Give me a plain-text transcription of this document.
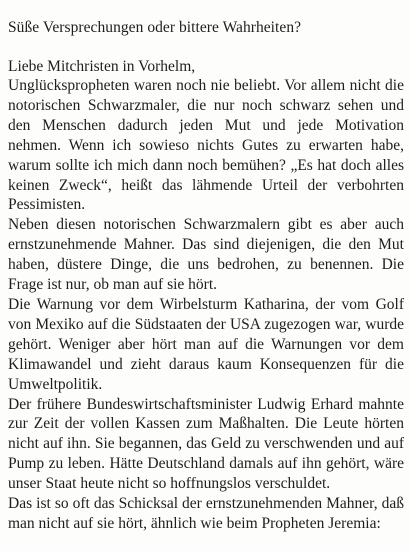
Süße Versprechungen oder bittere Wahrheiten?

Liebe Mitchristen in Vorhelm,

Unglückspropheten waren noch nie beliebt. Vor allem nicht die notorischen Schwarzmaler, die nur noch schwarz sehen und den Menschen dadurch jeden Mut und jede Motivation nehmen. Wenn ich sowieso nichts Gutes zu erwarten habe, warum sollte ich mich dann noch bemühen? „Es hat doch alles keinen Zweck“, heißt das lähmende Urteil der verbohrten Pessimisten.

Neben diesen notorischen Schwarzmalern gibt es aber auch ernstzunehmende Mahner. Das sind diejenigen, die den Mut haben, düstere Dinge, die uns bedrohen, zu benennen. Die Frage ist nur, ob man auf sie hört.

Die Warnung vor dem Wirbelsturm Katharina, der vom Golf von Mexiko auf die Südstaaten der USA zugezogen war, wurde gehört. Weniger aber hört man auf die Warnungen vor dem Klimawandel und zieht daraus kaum Konsequenzen für die Umweltpolitik.

Der frühere Bundeswirtschaftsminister Ludwig Erhard mahnte zur Zeit der vollen Kassen zum Maßhalten. Die Leute hörten nicht auf ihn. Sie begannen, das Geld zu verschwenden und auf Pump zu leben. Hätte Deutschland damals auf ihn gehört, wäre unser Staat heute nicht so hoffnungslos verschuldet.

Das ist so oft das Schicksal der ernstzunehmenden Mahner, daß man nicht auf sie hört, ähnlich wie beim Propheten Jeremia:
